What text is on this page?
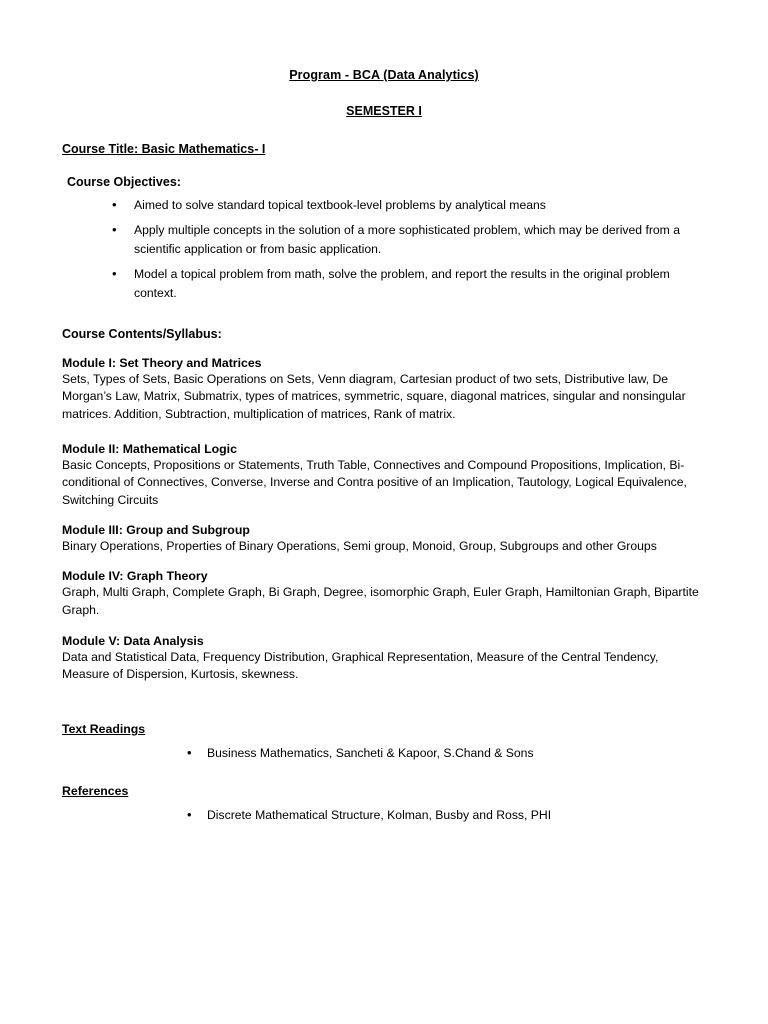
Program - BCA (Data Analytics)
SEMESTER I
Course Title: Basic Mathematics- I
Course Objectives:
• Aimed to solve standard topical textbook-level problems by analytical means
• Apply multiple concepts in the solution of a more sophisticated problem, which may be derived from a scientific application or from basic application.
• Model a topical problem from math, solve the problem, and report the results in the original problem context.
Course Contents/Syllabus:
Module I: Set Theory and Matrices

Sets, Types of Sets, Basic Operations on Sets, Venn diagram, Cartesian product of two sets, Distributive law, De Morgan’s Law, Matrix, Submatrix, types of matrices, symmetric, square, diagonal matrices, singular and nonsingular matrices. Addition, Subtraction, multiplication of matrices, Rank of matrix.

Module II: Mathematical Logic

Basic Concepts, Propositions or Statements, Truth Table, Connectives and Compound Propositions, Implication, Bi- conditional of Connectives, Converse, Inverse and Contra positive of an Implication, Tautology, Logical Equivalence, Switching Circuits

Module III: Group and Subgroup

Binary Operations, Properties of Binary Operations, Semi group, Monoid, Group, Subgroups and other Groups

Module IV: Graph Theory

Graph, Multi Graph, Complete Graph, Bi Graph, Degree, isomorphic Graph, Euler Graph, Hamiltonian Graph, Bipartite Graph.

Module V: Data Analysis

Data and Statistical Data, Frequency Distribution, Graphical Representation, Measure of the Central Tendency, Measure of Dispersion, Kurtosis, skewness.

Text Readings
• Business Mathematics, Sancheti & Kapoor, S.Chand & Sons
References
• Discrete Mathematical Structure, Kolman, Busby and Ross, PHI
